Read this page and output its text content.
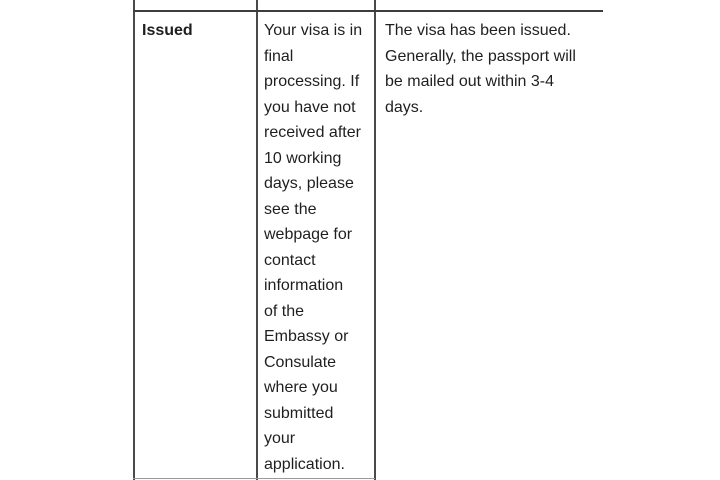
Issued	Your visa is in
final
processing. If
you have not
received after
10 working
days, please
see the
webpage for
contact
information
of the
Embassy or
Consulate
where you
submitted
your
application.
The visa has been issued.
Generally, the passport will
be mailed out within 3-4
days.
